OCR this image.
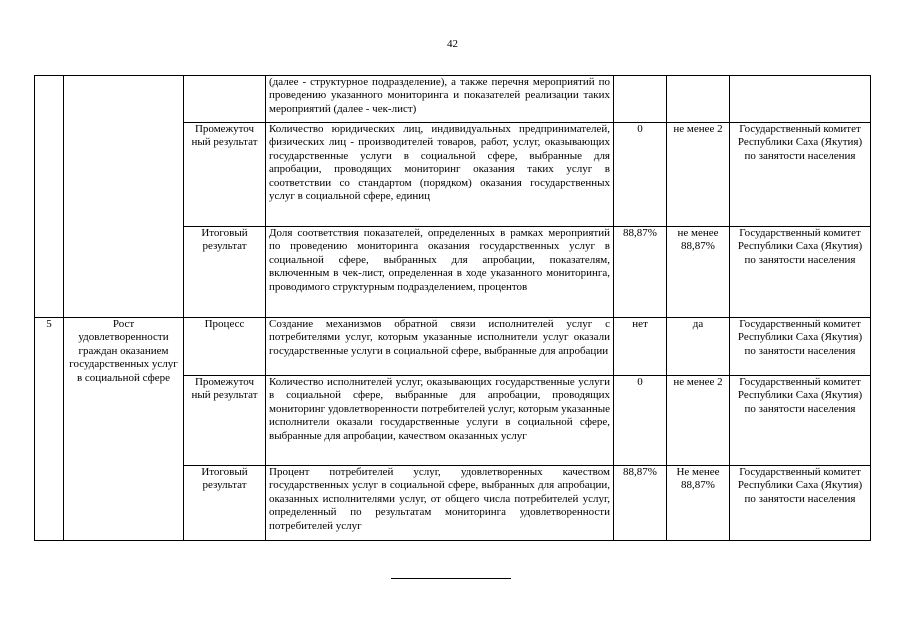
42
			(далее - структурное подразделение), а также перечня мероприятий по проведению указанного мониторинга и показателей реализации таких мероприятий (далее - чек-лист)			
		Промежуточ ный результат	Количество юридических лиц, индивидуальных предпринимателей, физических лиц - производителей товаров, работ, услуг, оказывающих государственные услуги в социальной сфере, выбранные для апробации, проводящих мониторинг оказания таких услуг в соответствии со стандартом (порядком) оказания государственных услуг в социальной сфере, единиц	0	не менее 2	Государственный комитет Республики Саха (Якутия) по занятости населения
		Итоговый результат	Доля соответствия показателей, определенных в рамках мероприятий по проведению мониторинга оказания государственных услуг в социальной сфере, выбранных для апробации, показателям, включенным в чек-лист, определенная в ходе указанного мониторинга, проводимого структурным подразделением, процентов	88,87%	не менее 88,87%	Государственный комитет Республики Саха (Якутия) по занятости населения
5	Рост удовлетворенности граждан оказанием государственных услуг в социальной сфере	Процесс	Создание механизмов обратной связи исполнителей услуг с потребителями услуг, которым указанные исполнители услуг оказали государственные услуги в социальной сфере, выбранные для апробации	нет	да	Государственный комитет Республики Саха (Якутия) по занятости населения
		Промежуточ ный результат	Количество исполнителей услуг, оказывающих государственные услуги в социальной сфере, выбранные для апробации, проводящих мониторинг удовлетворенности потребителей услуг, которым указанные исполнители оказали государственные услуги в социальной сфере, выбранные для апробации, качеством оказанных услуг	0	не менее 2	Государственный комитет Республики Саха (Якутия) по занятости населения
		Итоговый результат	Процент потребителей услуг, удовлетворенных качеством государственных услуг в социальной сфере, выбранных для апробации, оказанных исполнителями услуг, от общего числа потребителей услуг, определенный по результатам мониторинга удовлетворенности потребителей услуг	88,87%	Не менее 88,87%	Государственный комитет Республики Саха (Якутия) по занятости населения
